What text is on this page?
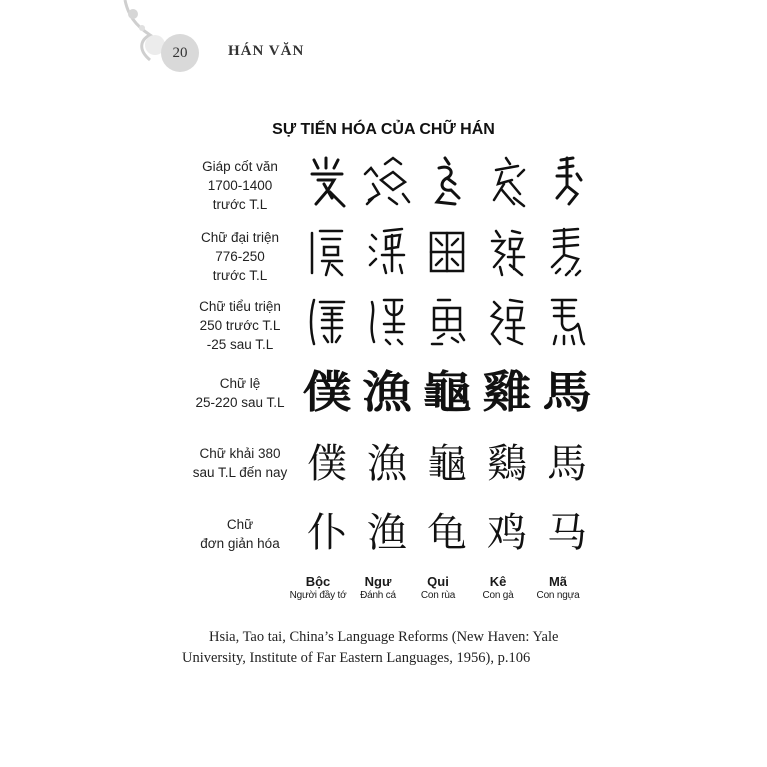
20	HÁN VĂN
SỰ TIẾN HÓA CỦA CHỮ HÁN
Giáp cốt văn
1700-1400
trước T.L
Chữ đại triện
776-250
trước T.L
Chữ tiểu triện
250 trước T.L
-25 sau T.L
Chữ lệ
25-220 sau T.L 僕 漁 龜 雞 馬
Chữ khải 380
sau T.L đến nay 僕 漁 龜 鷄 馬
Chữ
đơn giản hóa 仆 渔 龟 鸡 马
Bộc
Người đầy tớ
Ngư
Đánh cá
Qui
Con rùa
Kê
Con gà
Mã
Con ngựa
Hsia, Tao tai, China’s Language Reforms (New Haven: Yale
University, Institute of Far Eastern Languages, 1956), p.106
